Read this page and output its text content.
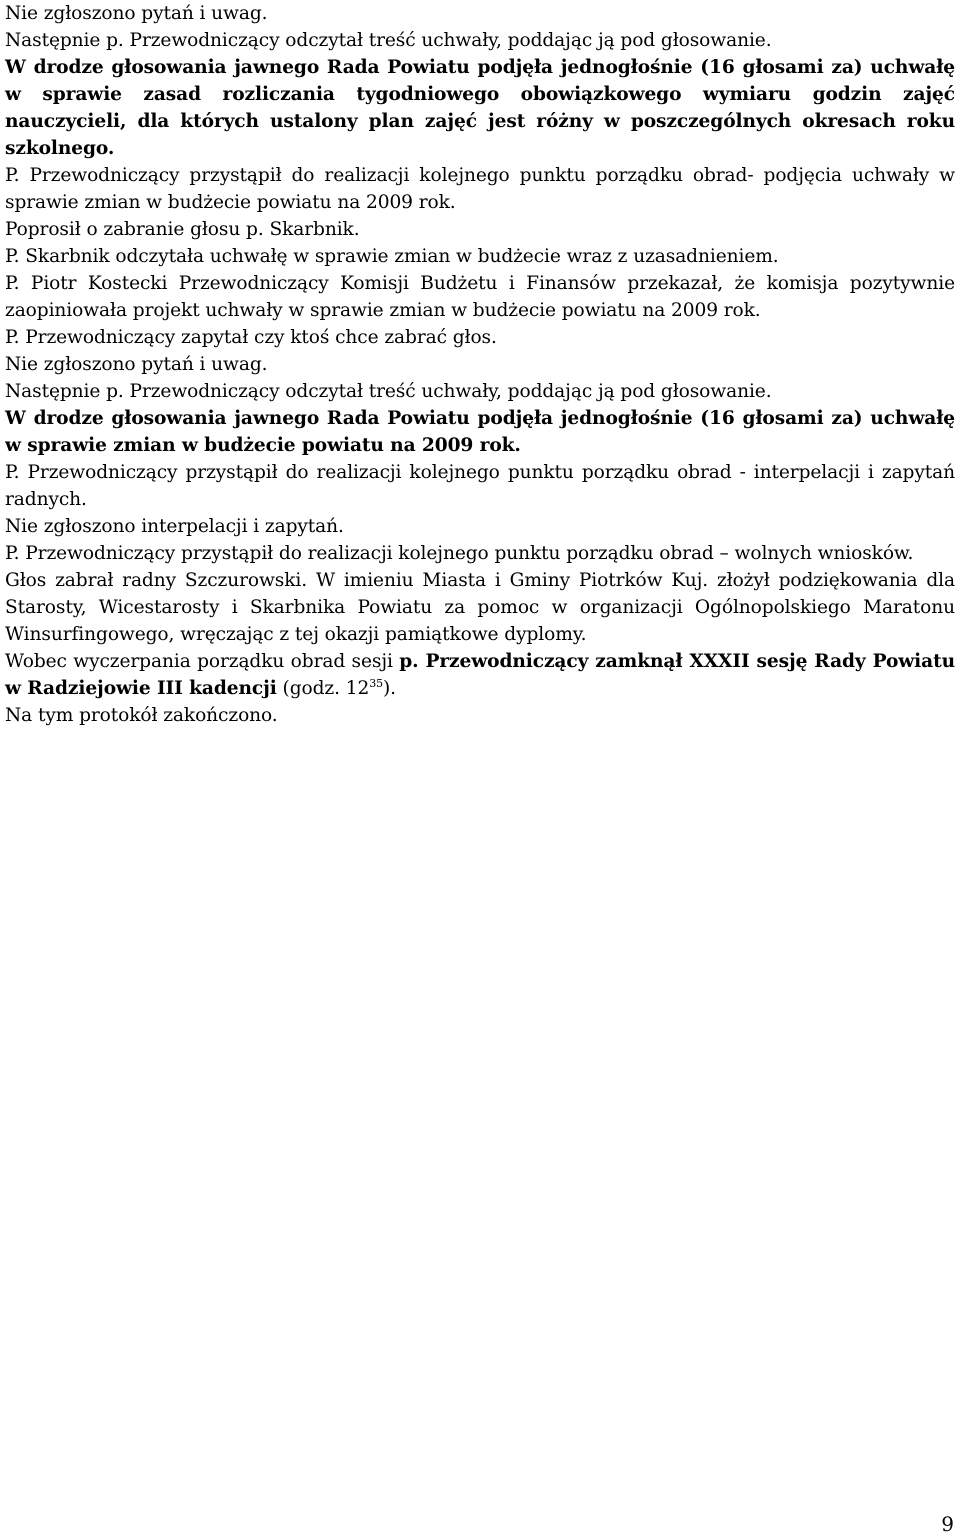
Nie zgłoszono pytań i uwag.

Następnie p. Przewodniczący odczytał treść uchwały, poddając ją pod głosowanie.

W drodze głosowania jawnego Rada Powiatu podjęła jednogłośnie (16 głosami za) uchwałę w sprawie zasad rozliczania tygodniowego obowiązkowego wymiaru godzin zajęć nauczycieli, dla których ustalony plan zajęć jest różny w poszczególnych okresach roku szkolnego.

P. Przewodniczący przystąpił do realizacji kolejnego punktu porządku obrad- podjęcia uchwały w sprawie zmian w budżecie powiatu na 2009 rok.

Poprosił o zabranie głosu p. Skarbnik.

P. Skarbnik odczytała uchwałę w sprawie zmian w budżecie wraz z uzasadnieniem.

P. Piotr Kostecki Przewodniczący Komisji Budżetu i Finansów przekazał, że komisja pozytywnie zaopiniowała projekt uchwały w sprawie zmian w budżecie powiatu na 2009 rok.

P. Przewodniczący zapytał czy ktoś chce zabrać głos.

Nie zgłoszono pytań i uwag.

Następnie p. Przewodniczący odczytał treść uchwały, poddając ją pod głosowanie.

W drodze głosowania jawnego Rada Powiatu podjęła jednogłośnie (16 głosami za) uchwałę w sprawie zmian w budżecie powiatu na 2009 rok.

P. Przewodniczący przystąpił do realizacji kolejnego punktu porządku obrad - interpelacji i zapytań radnych.

Nie zgłoszono interpelacji i zapytań.

P. Przewodniczący przystąpił do realizacji kolejnego punktu porządku obrad – wolnych wniosków.

Głos zabrał radny Szczurowski. W imieniu Miasta i Gminy Piotrków Kuj. złożył podziękowania dla Starosty, Wicestarosty i Skarbnika Powiatu za pomoc w organizacji Ogólnopolskiego Maratonu Winsurfingowego, wręczając z tej okazji pamiątkowe dyplomy.

Wobec wyczerpania porządku obrad sesji p. Przewodniczący zamknął XXXII sesję Rady Powiatu w Radziejowie III kadencji (godz. $12^{35}$).

Na tym protokół zakończono.

9
